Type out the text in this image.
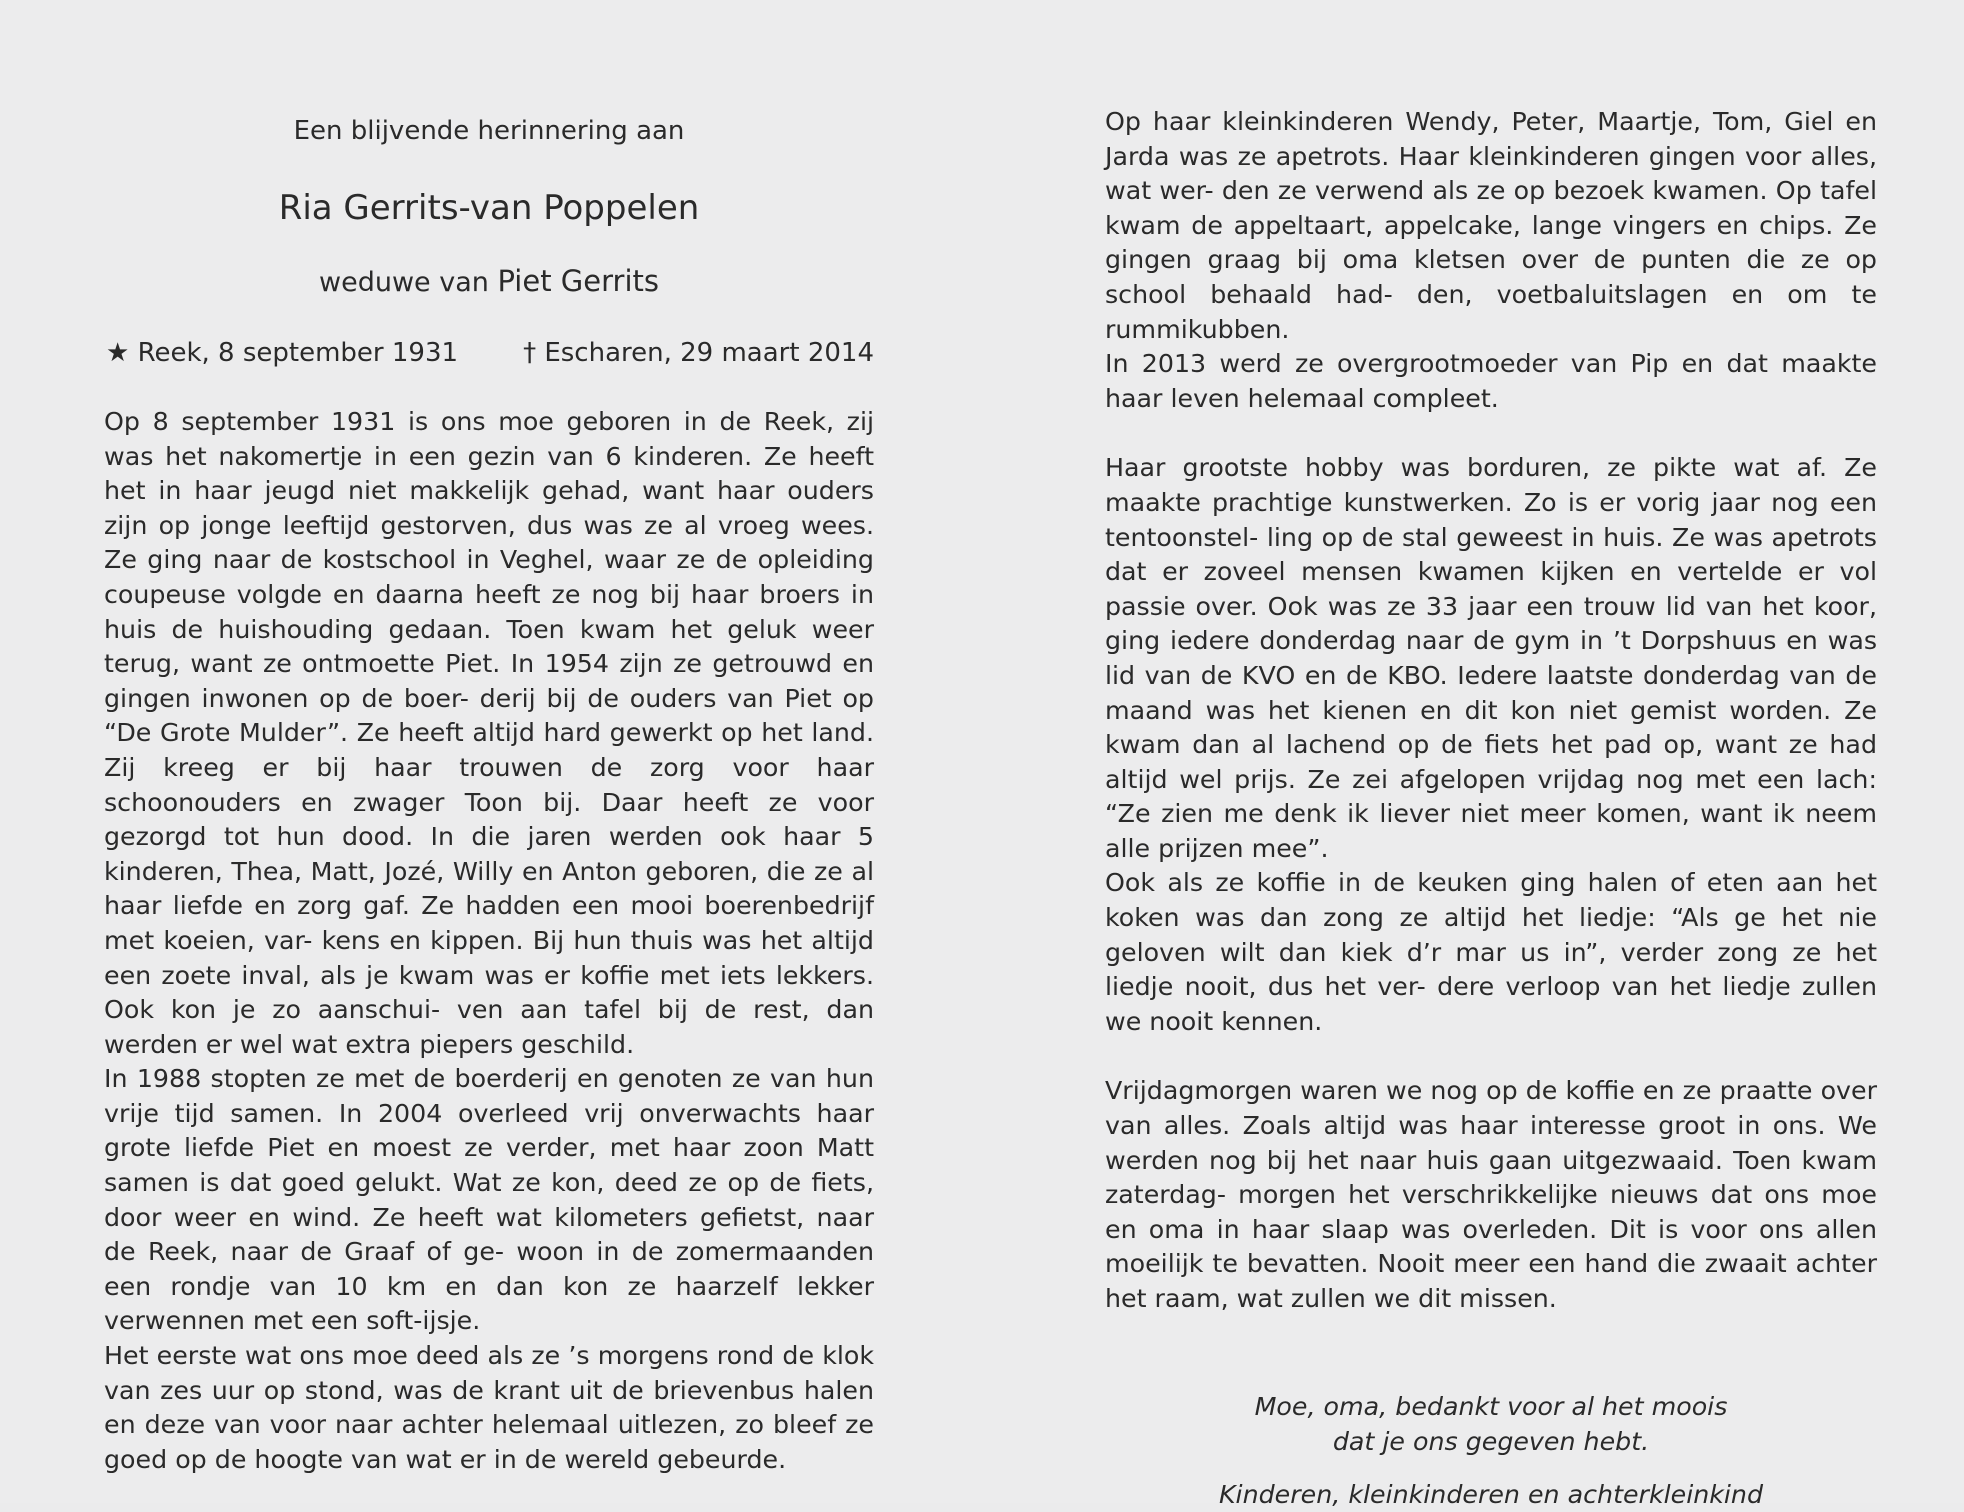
Een blijvende herinnering aan
Ria Gerrits-van Poppelen
weduwe van Piet Gerrits
★ Reek, 8 september 1931	† Escharen, 29 maart 2014

Op 8 september 1931 is ons moe geboren in de Reek, zij was het nakomertje in een gezin van 6 kinderen. Ze heeft het in haar jeugd niet makkelijk gehad, want haar ouders zijn op jonge leeftijd gestorven, dus was ze al vroeg wees. Ze ging naar de kostschool in Veghel, waar ze de opleiding coupeuse volgde en daarna heeft ze nog bij haar broers in huis de huishouding gedaan. Toen kwam het geluk weer terug, want ze ontmoette Piet. In 1954 zijn ze getrouwd en gingen inwonen op de boer- derij bij de ouders van Piet op “De Grote Mulder”. Ze heeft altijd hard gewerkt op het land. Zij kreeg er bij haar trouwen de zorg voor haar schoonouders en zwager Toon bij. Daar heeft ze voor gezorgd tot hun dood. In die jaren werden ook haar 5 kinderen, Thea, Matt, Jozé, Willy en Anton geboren, die ze al haar liefde en zorg gaf. Ze hadden een mooi boerenbedrijf met koeien, var- kens en kippen. Bij hun thuis was het altijd een zoete inval, als je kwam was er koffie met iets lekkers. Ook kon je zo aanschui- ven aan tafel bij de rest, dan werden er wel wat extra piepers geschild.

In 1988 stopten ze met de boerderij en genoten ze van hun vrije tijd samen. In 2004 overleed vrij onverwachts haar grote liefde Piet en moest ze verder, met haar zoon Matt samen is dat goed gelukt. Wat ze kon, deed ze op de fiets, door weer en wind. Ze heeft wat kilometers gefietst, naar de Reek, naar de Graaf of ge- woon in de zomermaanden een rondje van 10 km en dan kon ze haarzelf lekker verwennen met een soft-ijsje.

Het eerste wat ons moe deed als ze ’s morgens rond de klok van zes uur op stond, was de krant uit de brievenbus halen en deze van voor naar achter helemaal uitlezen, zo bleef ze goed op de hoogte van wat er in de wereld gebeurde.

Op haar kleinkinderen Wendy, Peter, Maartje, Tom, Giel en Jarda was ze apetrots. Haar kleinkinderen gingen voor alles, wat wer- den ze verwend als ze op bezoek kwamen. Op tafel kwam de appeltaart, appelcake, lange vingers en chips. Ze gingen graag bij oma kletsen over de punten die ze op school behaald had- den, voetbaluitslagen en om te rummikubben.

In 2013 werd ze overgrootmoeder van Pip en dat maakte haar leven helemaal compleet.

Haar grootste hobby was borduren, ze pikte wat af. Ze maakte prachtige kunstwerken. Zo is er vorig jaar nog een tentoonstel- ling op de stal geweest in huis. Ze was apetrots dat er zoveel mensen kwamen kijken en vertelde er vol passie over. Ook was ze 33 jaar een trouw lid van het koor, ging iedere donderdag naar de gym in ’t Dorpshuus en was lid van de KVO en de KBO. Iedere laatste donderdag van de maand was het kienen en dit kon niet gemist worden. Ze kwam dan al lachend op de fiets het pad op, want ze had altijd wel prijs. Ze zei afgelopen vrijdag nog met een lach: “Ze zien me denk ik liever niet meer komen, want ik neem alle prijzen mee”.

Ook als ze koffie in de keuken ging halen of eten aan het koken was dan zong ze altijd het liedje: “Als ge het nie geloven wilt dan kiek d’r mar us in”, verder zong ze het liedje nooit, dus het ver- dere verloop van het liedje zullen we nooit kennen.

Vrijdagmorgen waren we nog op de koffie en ze praatte over van alles. Zoals altijd was haar interesse groot in ons. We werden nog bij het naar huis gaan uitgezwaaid. Toen kwam zaterdag- morgen het verschrikkelijke nieuws dat ons moe en oma in haar slaap was overleden. Dit is voor ons allen moeilijk te bevatten. Nooit meer een hand die zwaait achter het raam, wat zullen we dit missen.

Moe, oma, bedankt voor al het moois

dat je ons gegeven hebt.

Kinderen, kleinkinderen en achterkleinkind
